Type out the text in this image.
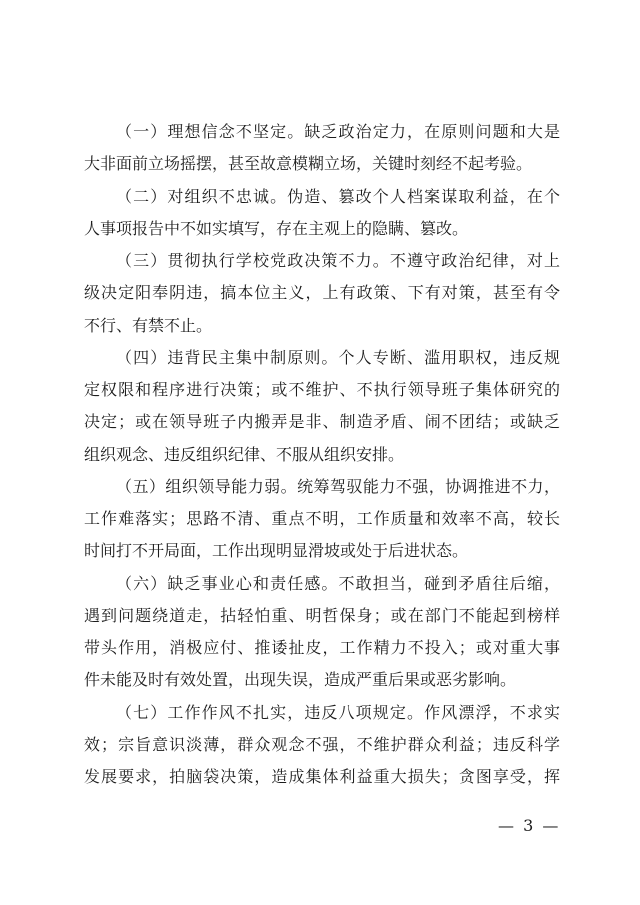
（一）理想信念不坚定。缺乏政治定力，在原则问题和大是
大非面前立场摇摆，甚至故意模糊立场，关键时刻经不起考验。
（二）对组织不忠诚。伪造、篡改个人档案谋取利益，在个
人事项报告中不如实填写，存在主观上的隐瞒、篡改。
（三）贯彻执行学校党政决策不力。不遵守政治纪律，对上
级决定阳奉阴违，搞本位主义，上有政策、下有对策，甚至有令
不行、有禁不止。
（四）违背民主集中制原则。个人专断、滥用职权，违反规
定权限和程序进行决策；或不维护、不执行领导班子集体研究的
决定；或在领导班子内搬弄是非、制造矛盾、闹不团结；或缺乏
组织观念、违反组织纪律、不服从组织安排。
（五）组织领导能力弱。统筹驾驭能力不强，协调推进不力，
工作难落实；思路不清、重点不明，工作质量和效率不高，较长
时间打不开局面，工作出现明显滑坡或处于后进状态。
（六）缺乏事业心和责任感。不敢担当，碰到矛盾往后缩，
遇到问题绕道走，拈轻怕重、明哲保身；或在部门不能起到榜样
带头作用，消极应付、推诿扯皮，工作精力不投入；或对重大事
件未能及时有效处置，出现失误，造成严重后果或恶劣影响。
（七）工作作风不扎实，违反八项规定。作风漂浮，不求实
效；宗旨意识淡薄，群众观念不强，不维护群众利益；违反科学
发展要求，拍脑袋决策，造成集体利益重大损失；贪图享受，挥
— 3 —
